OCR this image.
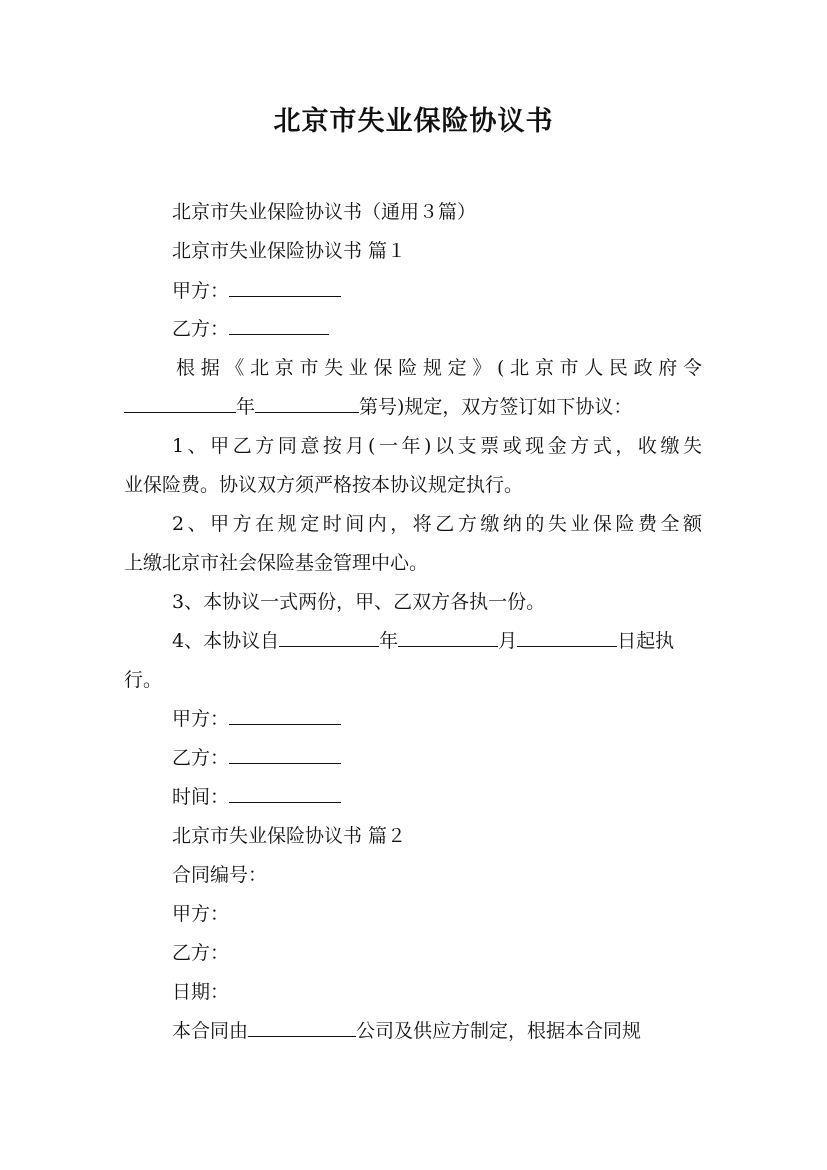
北京市失业保险协议书
北京市失业保险协议书（通用３篇）
北京市失业保险协议书 篇１
甲方：
乙方：
根据《北京市失业保险规定》(北京市人民政府令
年	第号)规定，双方签订如下协议：
1、甲乙方同意按月(一年)以支票或现金方式，收缴失
业保险费。协议双方须严格按本协议规定执行。
2、甲方在规定时间内，将乙方缴纳的失业保险费全额
上缴北京市社会保险基金管理中心。
3、本协议一式两份，甲、乙双方各执一份。
4、本协议自	年	月	日起执
行。
甲方：
乙方：
时间：
北京市失业保险协议书 篇２
合同编号：
甲方：
乙方：
日期：
本合同由	公司及供应方制定，根据本合同规
